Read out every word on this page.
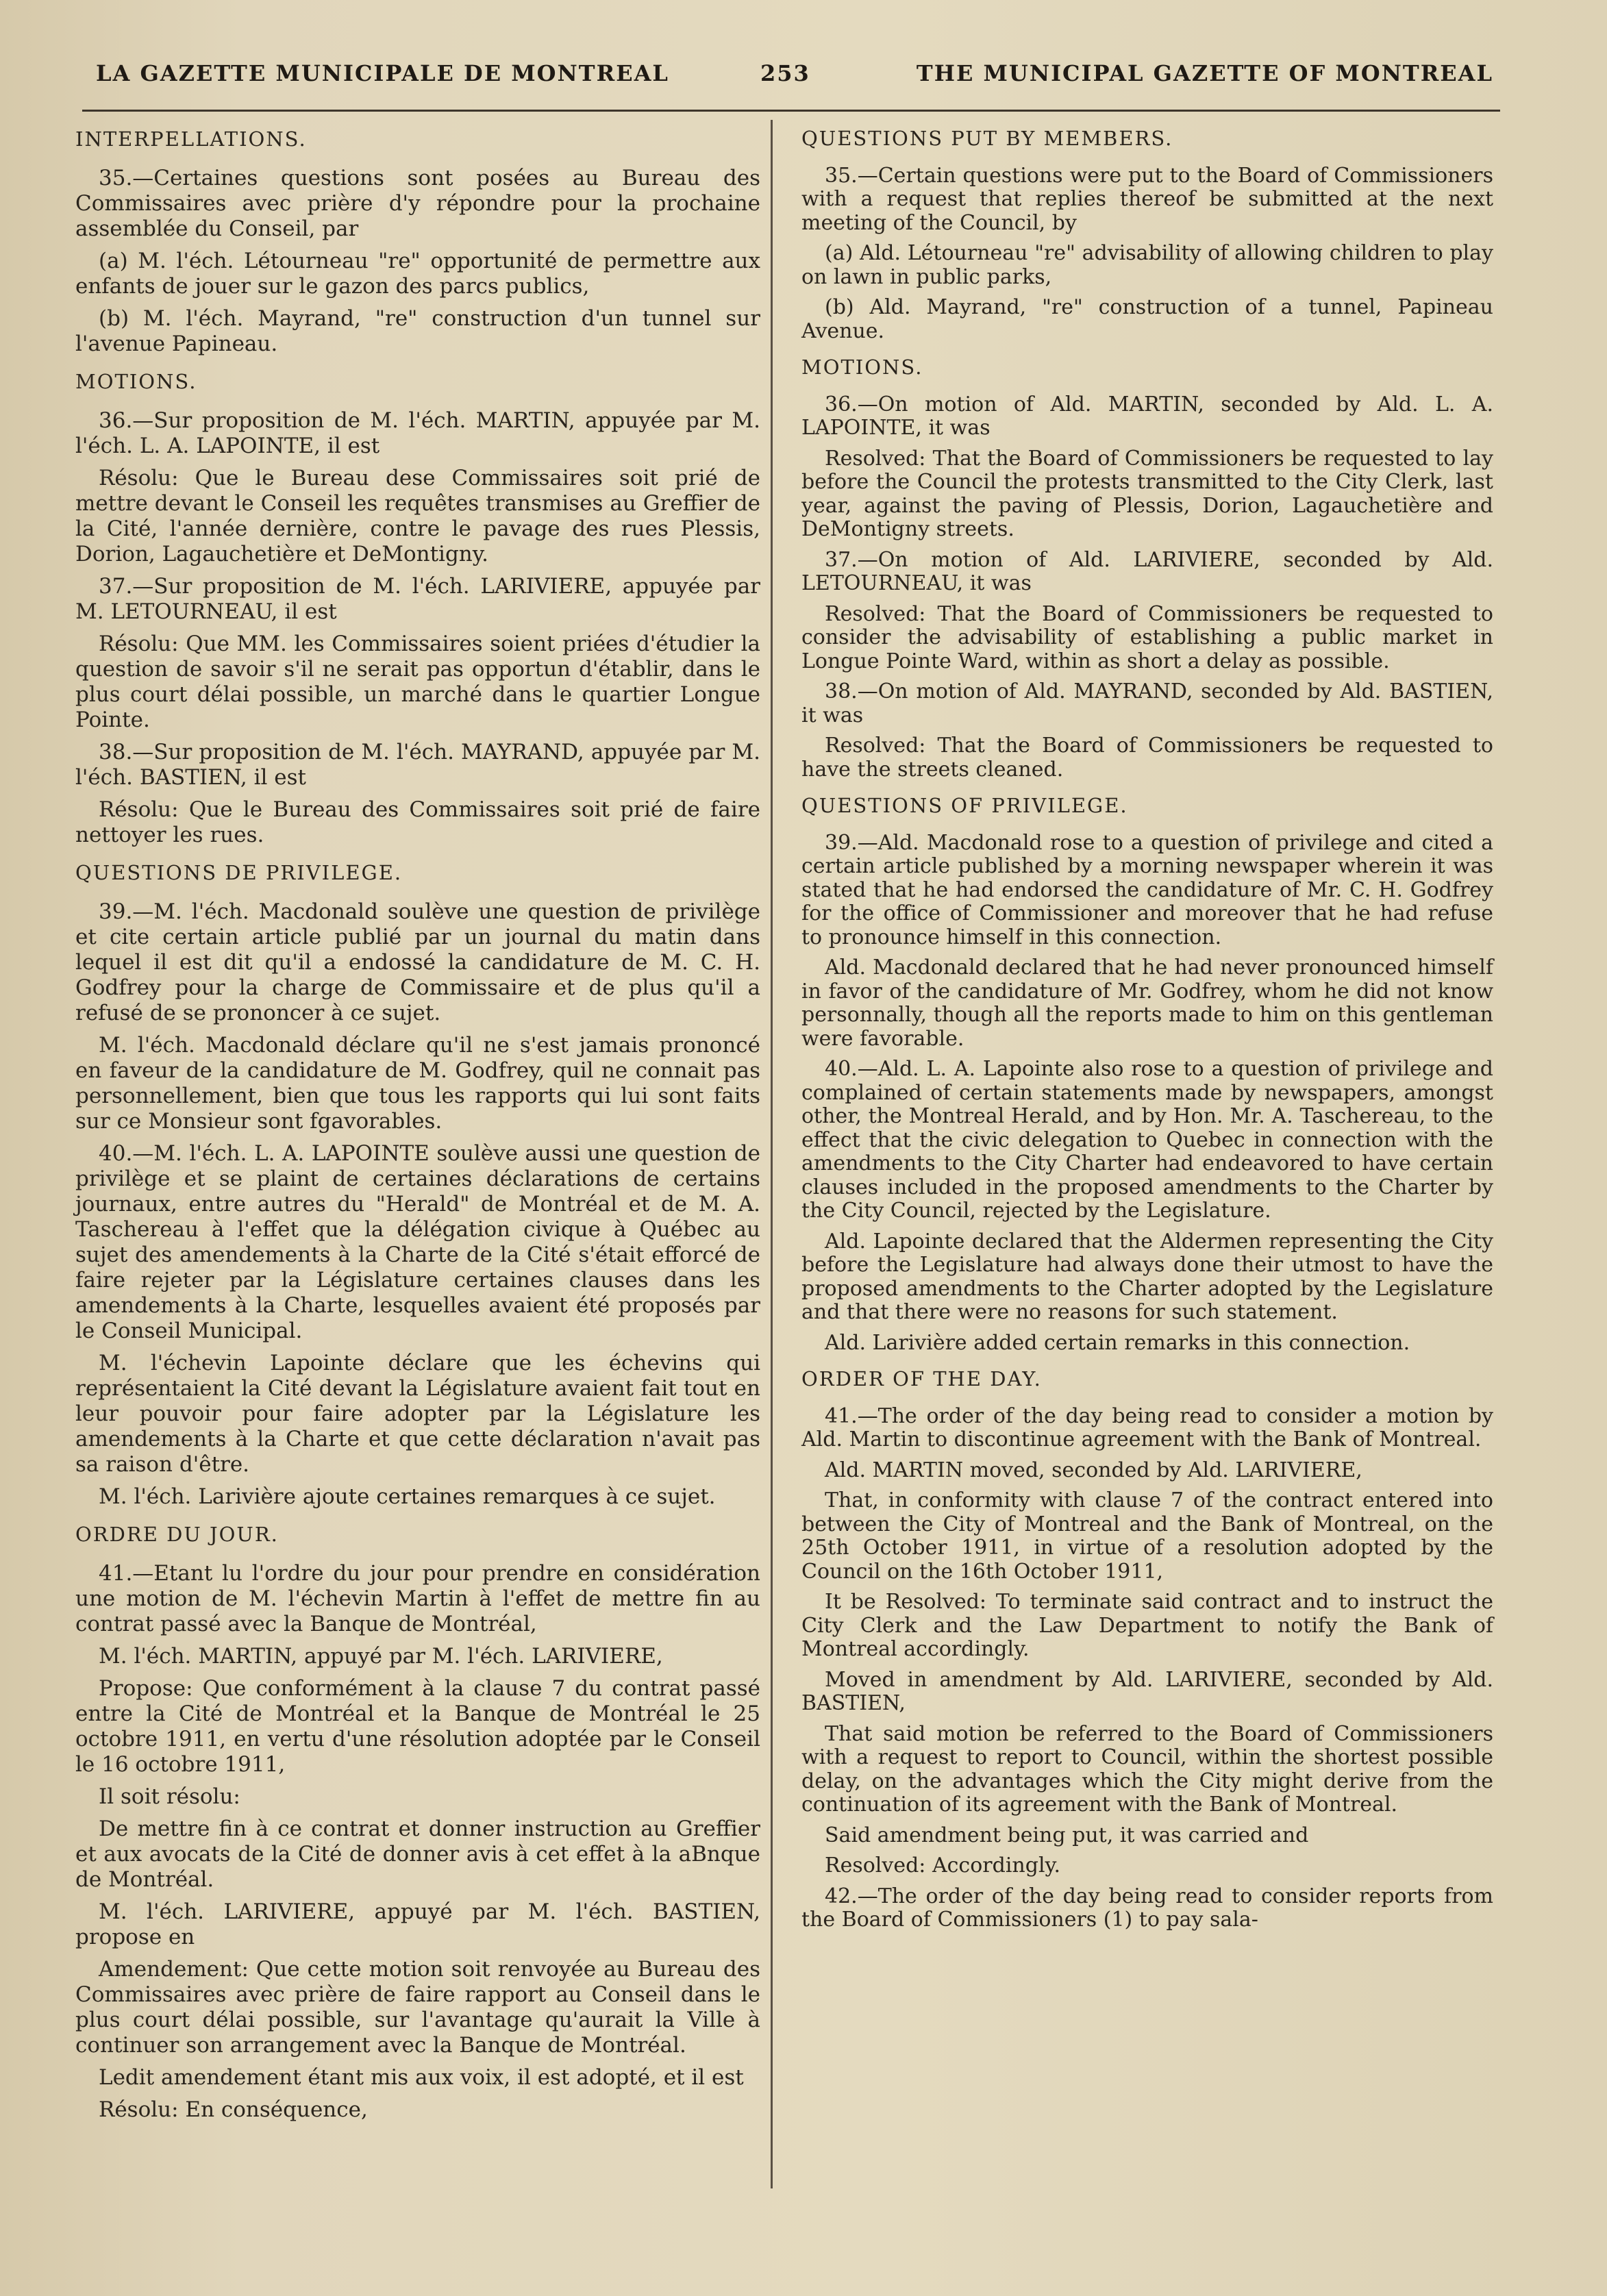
LA GAZETTE MUNICIPALE DE MONTREAL	253	THE MUNICIPAL GAZETTE OF MONTREAL
INTERPELLATIONS.

35.—Certaines questions sont posées au Bureau des Commissaires avec prière d'y répondre pour la prochaine assemblée du Conseil, par

(a) M. l'éch. Létourneau "re" opportunité de permettre aux enfants de jouer sur le gazon des parcs publics,

(b) M. l'éch. Mayrand, "re" construction d'un tunnel sur l'avenue Papineau.

MOTIONS.

36.—Sur proposition de M. l'éch. MARTIN, appuyée par M. l'éch. L. A. LAPOINTE, il est

Résolu: Que le Bureau dese Commissaires soit prié de mettre devant le Conseil les requêtes transmises au Greffier de la Cité, l'année dernière, contre le pavage des rues Plessis, Dorion, Lagauchetière et DeMontigny.

37.—Sur proposition de M. l'éch. LARIVIERE, appuyée par M. LETOURNEAU, il est

Résolu: Que MM. les Commissaires soient priées d'étudier la question de savoir s'il ne serait pas opportun d'établir, dans le plus court délai possible, un marché dans le quartier Longue Pointe.

38.—Sur proposition de M. l'éch. MAYRAND, appuyée par M. l'éch. BASTIEN, il est

Résolu: Que le Bureau des Commissaires soit prié de faire nettoyer les rues.

QUESTIONS DE PRIVILEGE.

39.—M. l'éch. Macdonald soulève une question de privilège et cite certain article publié par un journal du matin dans lequel il est dit qu'il a endossé la candidature de M. C. H. Godfrey pour la charge de Commissaire et de plus qu'il a refusé de se prononcer à ce sujet.

M. l'éch. Macdonald déclare qu'il ne s'est jamais prononcé en faveur de la candidature de M. Godfrey, quil ne connait pas personnellement, bien que tous les rapports qui lui sont faits sur ce Monsieur sont fgavorables.

40.—M. l'éch. L. A. LAPOINTE soulève aussi une question de privilège et se plaint de certaines déclarations de certains journaux, entre autres du "Herald" de Montréal et de M. A. Taschereau à l'effet que la délégation civique à Québec au sujet des amendements à la Charte de la Cité s'était efforcé de faire rejeter par la Législature certaines clauses dans les amendements à la Charte, lesquelles avaient été proposés par le Conseil Municipal.

M. l'échevin Lapointe déclare que les échevins qui représentaient la Cité devant la Législature avaient fait tout en leur pouvoir pour faire adopter par la Législature les amendements à la Charte et que cette déclaration n'avait pas sa raison d'être.

M. l'éch. Larivière ajoute certaines remarques à ce sujet.

ORDRE DU JOUR.

41.—Etant lu l'ordre du jour pour prendre en considération une motion de M. l'échevin Martin à l'effet de mettre fin au contrat passé avec la Banque de Montréal,

M. l'éch. MARTIN, appuyé par M. l'éch. LARIVIERE,

Propose: Que conformément à la clause 7 du contrat passé entre la Cité de Montréal et la Banque de Montréal le 25 octobre 1911, en vertu d'une résolution adoptée par le Conseil le 16 octobre 1911,

Il soit résolu:

De mettre fin à ce contrat et donner instruction au Greffier et aux avocats de la Cité de donner avis à cet effet à la aBnque de Montréal.

M. l'éch. LARIVIERE, appuyé par M. l'éch. BASTIEN, propose en

Amendement: Que cette motion soit renvoyée au Bureau des Commissaires avec prière de faire rapport au Conseil dans le plus court délai possible, sur l'avantage qu'aurait la Ville à continuer son arrangement avec la Banque de Montréal.

Ledit amendement étant mis aux voix, il est adopté, et il est

Résolu: En conséquence,

QUESTIONS PUT BY MEMBERS.

35.—Certain questions were put to the Board of Commissioners with a request that replies thereof be submitted at the next meeting of the Council, by

(a) Ald. Létourneau "re" advisability of allowing children to play on lawn in public parks,

(b) Ald. Mayrand, "re" construction of a tunnel, Papineau Avenue.

MOTIONS.

36.—On motion of Ald. MARTIN, seconded by Ald. L. A. LAPOINTE, it was

Resolved: That the Board of Commissioners be requested to lay before the Council the protests transmitted to the City Clerk, last year, against the paving of Plessis, Dorion, Lagauchetière and DeMontigny streets.

37.—On motion of Ald. LARIVIERE, seconded by Ald. LETOURNEAU, it was

Resolved: That the Board of Commissioners be requested to consider the advisability of establishing a public market in Longue Pointe Ward, within as short a delay as possible.

38.—On motion of Ald. MAYRAND, seconded by Ald. BASTIEN, it was

Resolved: That the Board of Commissioners be requested to have the streets cleaned.

QUESTIONS OF PRIVILEGE.

39.—Ald. Macdonald rose to a question of privilege and cited a certain article published by a morning newspaper wherein it was stated that he had endorsed the candidature of Mr. C. H. Godfrey for the office of Commissioner and moreover that he had refuse to pronounce himself in this connection.

Ald. Macdonald declared that he had never pronounced himself in favor of the candidature of Mr. Godfrey, whom he did not know personnally, though all the reports made to him on this gentleman were favorable.

40.—Ald. L. A. Lapointe also rose to a question of privilege and complained of certain statements made by newspapers, amongst other, the Montreal Herald, and by Hon. Mr. A. Taschereau, to the effect that the civic delegation to Quebec in connection with the amendments to the City Charter had endeavored to have certain clauses included in the proposed amendments to the Charter by the City Council, rejected by the Legislature.

Ald. Lapointe declared that the Aldermen representing the City before the Legislature had always done their utmost to have the proposed amendments to the Charter adopted by the Legislature and that there were no reasons for such statement.

Ald. Larivière added certain remarks in this connection.

ORDER OF THE DAY.

41.—The order of the day being read to consider a motion by Ald. Martin to discontinue agreement with the Bank of Montreal.

Ald. MARTIN moved, seconded by Ald. LARIVIERE,

That, in conformity with clause 7 of the contract entered into between the City of Montreal and the Bank of Montreal, on the 25th October 1911, in virtue of a resolution adopted by the Council on the 16th October 1911,

It be Resolved: To terminate said contract and to instruct the City Clerk and the Law Department to notify the Bank of Montreal accordingly.

Moved in amendment by Ald. LARIVIERE, seconded by Ald. BASTIEN,

That said motion be referred to the Board of Commissioners with a request to report to Council, within the shortest possible delay, on the advantages which the City might derive from the continuation of its agreement with the Bank of Montreal.

Said amendment being put, it was carried and

Resolved: Accordingly.

42.—The order of the day being read to consider reports from the Board of Commissioners (1) to pay sala-
